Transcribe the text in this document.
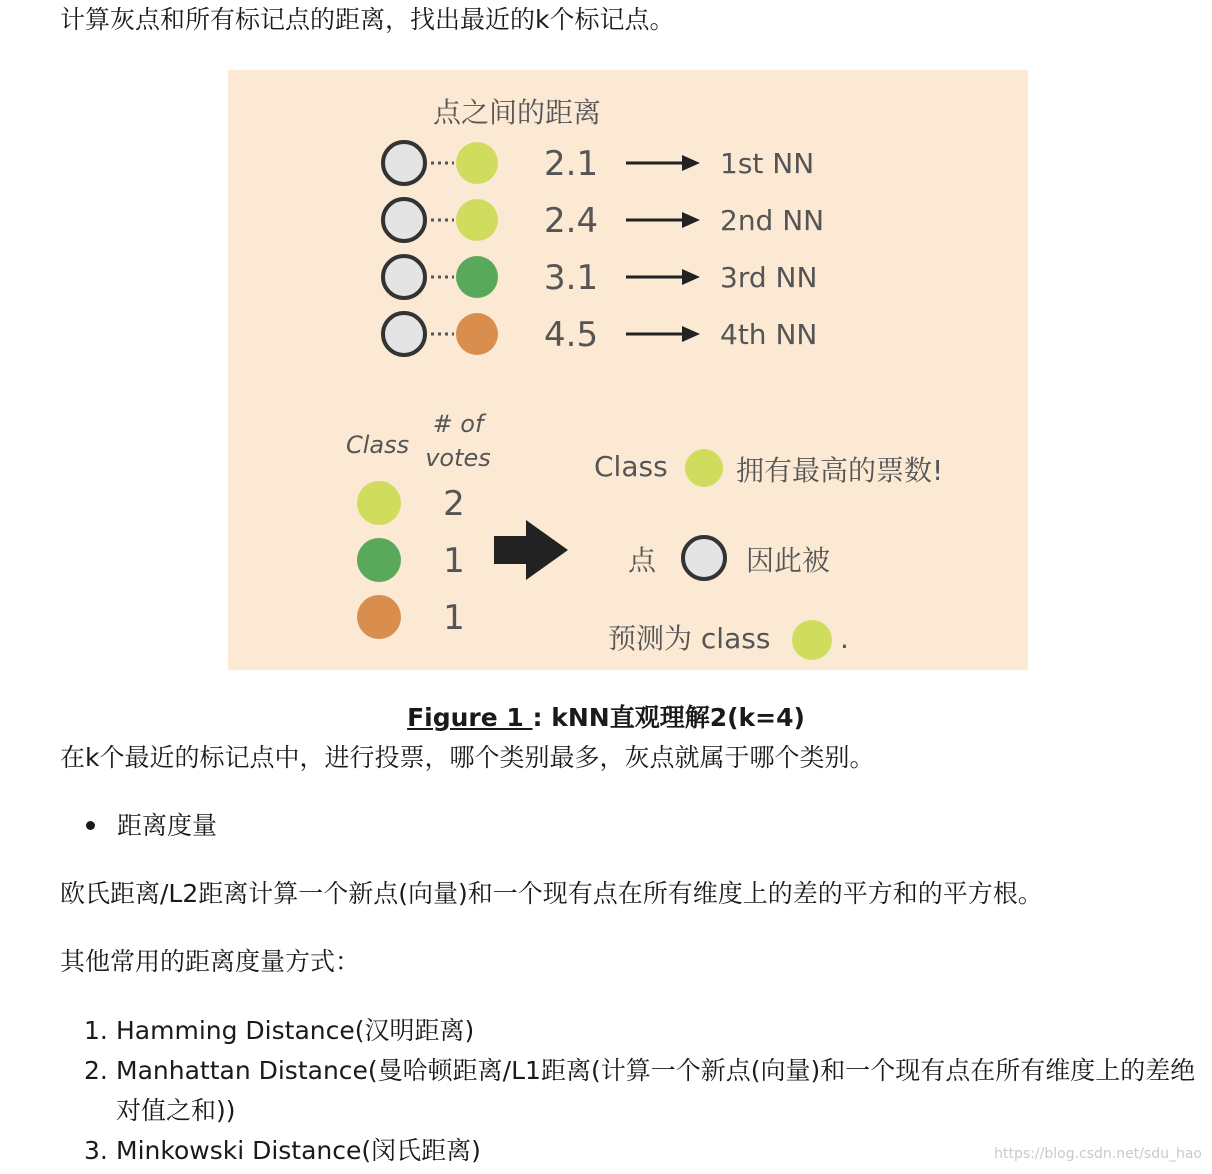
计算灰点和所有标记点的距离，找出最近的k个标记点。

点之间的距离
2.1	1st NN
2.4	2nd NN
3.1	3rd NN
4.5	4th NN
Class
# of
votes
2
1
1
Class 拥有最高的票数!
点	因此被
预测为 class .
Figure 1 : kNN直观理解2(k=4)

在k个最近的标记点中，进行投票，哪个类别最多，灰点就属于哪个类别。

距离度量

欧氏距离/L2距离计算一个新点(向量)和一个现有点在所有维度上的差的平方和的平方根。

其他常用的距离度量方式：

1. Hamming Distance(汉明距离)
2. Manhattan Distance(曼哈顿距离/L1距离(计算一个新点(向量)和一个现有点在所有维度上的差绝对值之和))
3. Minkowski Distance(闵氏距离)	https://blog.csdn.net/sdu_hao
